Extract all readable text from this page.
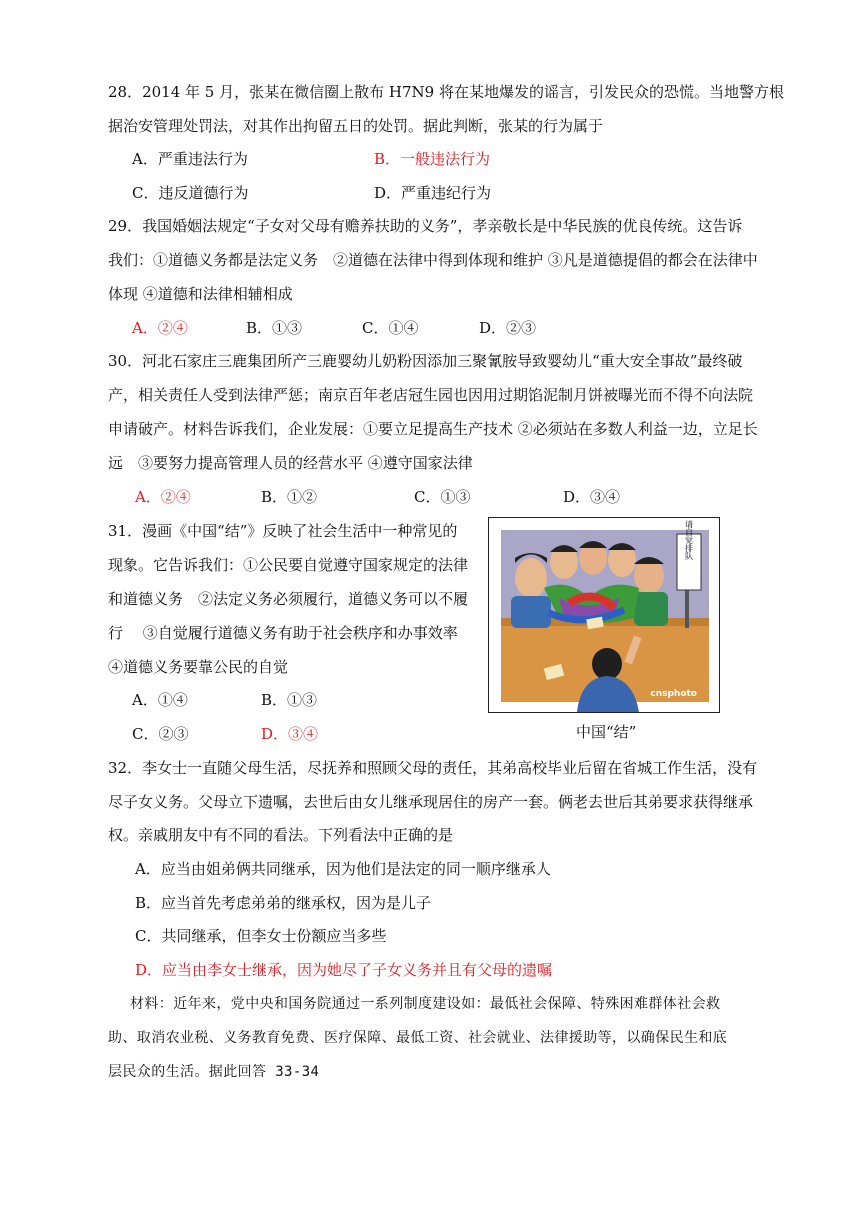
28．2014 年 5 月，张某在微信圈上散布 H7N9 将在某地爆发的谣言，引发民众的恐慌。当地警方根
据治安管理处罚法，对其作出拘留五日的处罚。据此判断，张某的行为属于
A．严重违法行为	B．一般违法行为
C．违反道德行为	D．严重违纪行为
29．我国婚姻法规定“子女对父母有赡养扶助的义务”，孝亲敬长是中华民族的优良传统。这告诉
我们：①道德义务都是法定义务　②道德在法律中得到体现和维护 ③凡是道德提倡的都会在法律中
体现 ④道德和法律相辅相成
A．②④	B．①③	C．①④	D．②③
30．河北石家庄三鹿集团所产三鹿婴幼儿奶粉因添加三聚氰胺导致婴幼儿“重大安全事故”最终破
产，相关责任人受到法律严惩；南京百年老店冠生园也因用过期馅泥制月饼被曝光而不得不向法院
申请破产。材料告诉我们，企业发展：①要立足提高生产技术 ②必须站在多数人利益一边，立足长
远　③要努力提高管理人员的经营水平 ④遵守国家法律
A．②④	B．①②	C．①③	D．③④
31．漫画《中国“结”》反映了社会生活中一种常见的
现象。它告诉我们：①公民要自觉遵守国家规定的法律
和道德义务　②法定义务必须履行，道德义务可以不履
行　 ③自觉履行道德义务有助于社会秩序和办事效率
④道德义务要靠公民的自觉
A．①④	B．①③
C．②③	D．③④
请自觉排队
cnsphoto
中国“结”
32．李女士一直随父母生活，尽抚养和照顾父母的责任，其弟高校毕业后留在省城工作生活，没有
尽子女义务。父母立下遗嘱，去世后由女儿继承现居住的房产一套。俩老去世后其弟要求获得继承
权。亲戚朋友中有不同的看法。下列看法中正确的是
A．应当由姐弟俩共同继承，因为他们是法定的同一顺序继承人
B．应当首先考虑弟弟的继承权，因为是儿子
C．共同继承，但李女士份额应当多些
D．应当由李女士继承，因为她尽了子女义务并且有父母的遗嘱
材料：近年来，党中央和国务院通过一系列制度建设如：最低社会保障、特殊困难群体社会救
助、取消农业税、义务教育免费、医疗保障、最低工资、社会就业、法律援助等，以确保民生和底
层民众的生活。据此回答 33-34
